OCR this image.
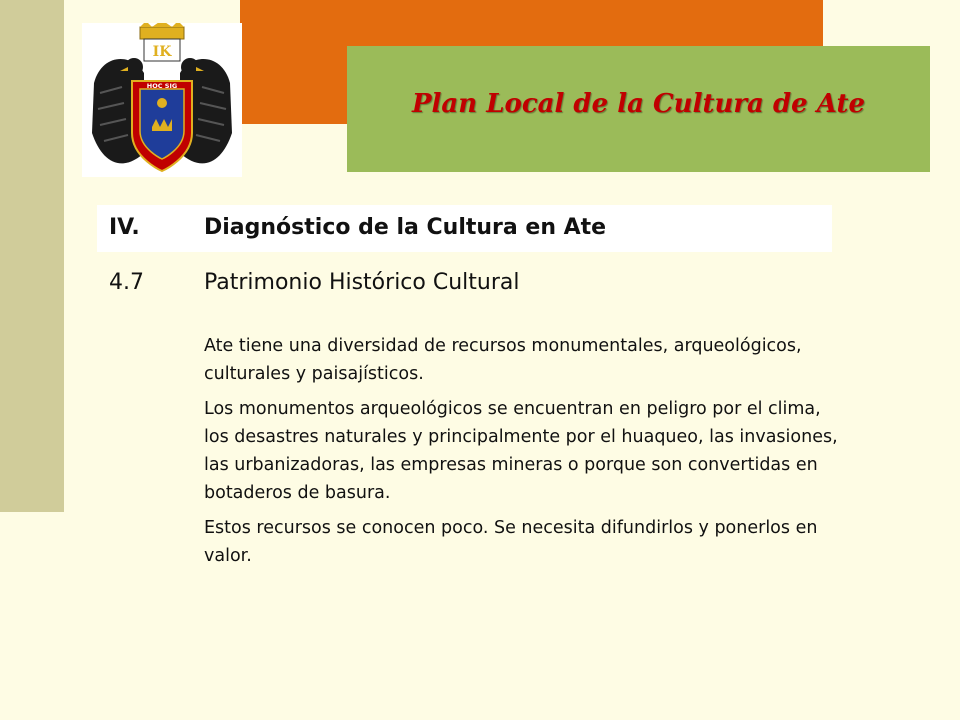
Plan Local de la Cultura de Ate
IK
HOC SIG
IV.	Diagnóstico de la Cultura en Ate
4.7	Patrimonio Histórico Cultural

Ate tiene una diversidad de recursos monumentales, arqueológicos, culturales y paisajísticos.

Los monumentos arqueológicos se encuentran en peligro por el clima, los desastres naturales y principalmente por el huaqueo, las invasiones, las urbanizadoras, las empresas mineras o porque son convertidas en botaderos de basura.

Estos recursos se conocen poco. Se necesita difundirlos y ponerlos en valor.
